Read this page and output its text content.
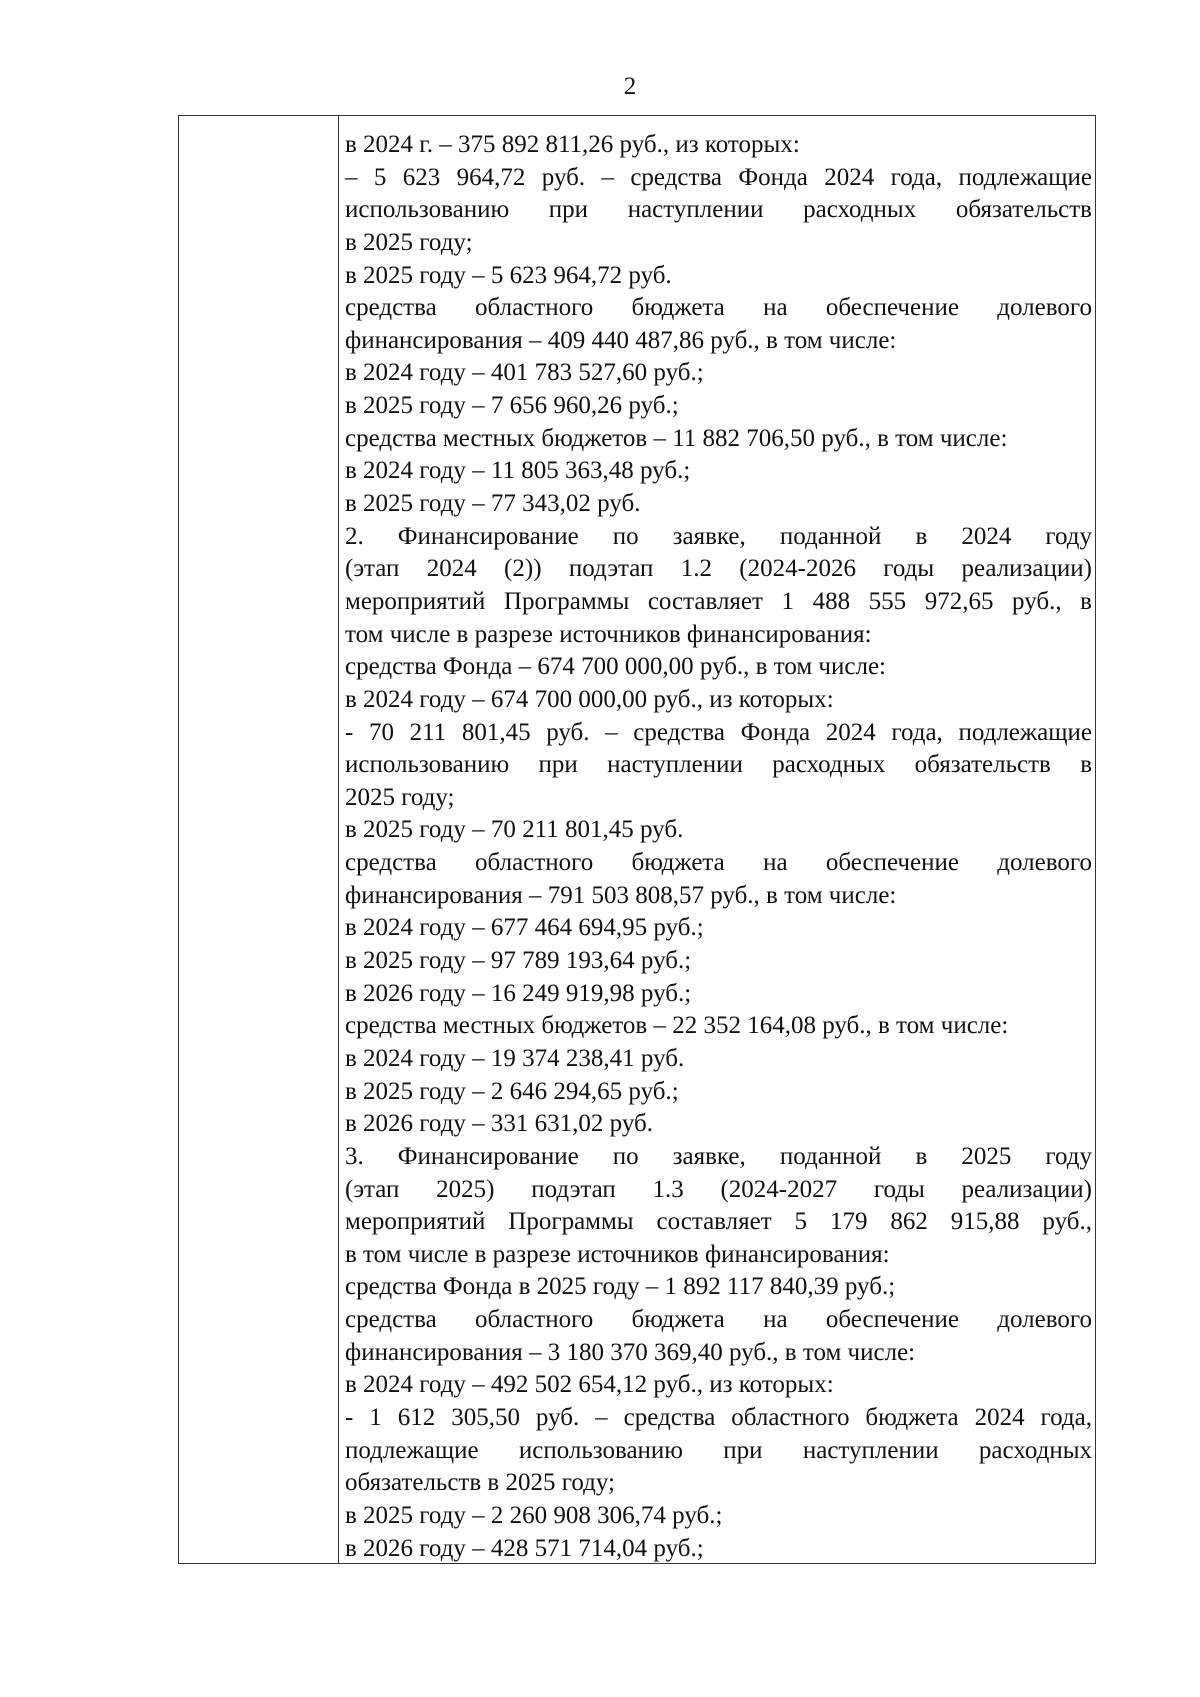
2
в 2024 г. – 375 892 811,26 руб., из которых:
– 5 623 964,72 руб. – средства Фонда 2024 года, подлежащие
использованию при наступлении расходных обязательств
в 2025 году;
в 2025 году – 5 623 964,72 руб.
средства областного бюджета на обеспечение долевого
финансирования – 409 440 487,86 руб., в том числе:
в 2024 году – 401 783 527,60 руб.;
в 2025 году – 7 656 960,26 руб.;
средства местных бюджетов – 11 882 706,50 руб., в том числе:
в 2024 году – 11 805 363,48 руб.;
в 2025 году – 77 343,02 руб.
2. Финансирование по заявке, поданной в 2024 году
(этап 2024 (2)) подэтап 1.2 (2024-2026 годы реализации)
мероприятий Программы составляет 1 488 555 972,65 руб., в
том числе в разрезе источников финансирования:
средства Фонда – 674 700 000,00 руб., в том числе:
в 2024 году – 674 700 000,00 руб., из которых:
- 70 211 801,45 руб. – средства Фонда 2024 года, подлежащие
использованию при наступлении расходных обязательств в
2025 году;
в 2025 году – 70 211 801,45 руб.
средства областного бюджета на обеспечение долевого
финансирования – 791 503 808,57 руб., в том числе:
в 2024 году – 677 464 694,95 руб.;
в 2025 году – 97 789 193,64 руб.;
в 2026 году – 16 249 919,98 руб.;
средства местных бюджетов – 22 352 164,08 руб., в том числе:
в 2024 году – 19 374 238,41 руб.
в 2025 году – 2 646 294,65 руб.;
в 2026 году – 331 631,02 руб.
3. Финансирование по заявке, поданной в 2025 году
(этап 2025) подэтап 1.3 (2024-2027 годы реализации)
мероприятий Программы составляет 5 179 862 915,88 руб.,
в том числе в разрезе источников финансирования:
средства Фонда в 2025 году – 1 892 117 840,39 руб.;
средства областного бюджета на обеспечение долевого
финансирования – 3 180 370 369,40 руб., в том числе:
в 2024 году – 492 502 654,12 руб., из которых:
- 1 612 305,50 руб. – средства областного бюджета 2024 года,
подлежащие использованию при наступлении расходных
обязательств в 2025 году;
в 2025 году – 2 260 908 306,74 руб.;
в 2026 году – 428 571 714,04 руб.;
